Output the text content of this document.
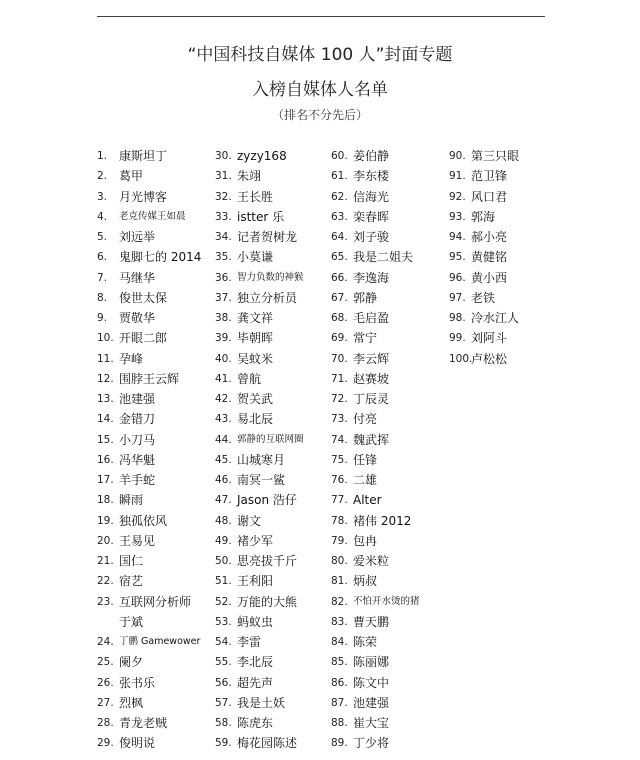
“中国科技自媒体 100 人”封面专题
入榜自媒体人名单
（排名不分先后）
1. 康斯坦丁
2. 葛甲
3. 月光博客
4.	老克传媒王如晨
5. 刘远举
6. 鬼脚七的 2014
7. 马继华
8. 俊世太保
9. 贾敬华
10. 开眼二郎
11. 孕峰
12. 围脖王云辉
13. 池建强
14. 金错刀
15. 小刀马
16. 冯华魁
17. 羊手蛇
18. 瞬雨
19. 独孤依风
20. 王易见
21. 国仁
22. 宿艺
23. 互联网分析师
于斌
24. 丁鹏 Gamewower
25. 阑夕
26. 张书乐
27. 烈枫
28. 青龙老贼
29. 俊明说
30. zyzy168
31. 朱翊
32. 王长胜
33. istter 乐
34. 记者贺树龙
35. 小莫谦
36. 智力负数的神猴
37. 独立分析员
38. 龚文祥
39. 毕朝晖
40. 吴蚊米
41. 曾航
42. 贺关武
43. 易北辰
44. 郭静的互联网圈
45. 山城寒月
46. 南冥一鲨
47. Jason 浩仔
48. 谢文
49. 褚少军
50. 思亮拔千斤
51. 王利阳
52. 万能的大熊
53. 蚂蚁虫
54. 李雷
55. 李北辰
56. 超先声
57. 我是土妖
58. 陈虎东
59. 梅花园陈述
60. 姜伯静
61. 李东楼
62. 信海光
63. 栾春晖
64. 刘子骏
65. 我是二姐夫
66. 李逸海
67. 郭静
68. 毛启盈
69. 常宁
70. 李云辉
71. 赵赛坡
72. 丁辰灵
73. 付亮
74. 魏武挥
75. 任锋
76. 二雄
77. Alter
78. 褚伟 2012
79. 包冉
80. 爱米粒
81. 炳叔
82. 不怕开水烫的猪
83. 曹天鹏
84. 陈荣
85. 陈丽娜
86. 陈文中
87. 池建强
88. 崔大宝
89. 丁少将
90. 第三只眼
91. 范卫锋
92. 风口君
93. 郭海
94. 郝小亮
95. 黄健铭
96. 黄小西
97. 老铁
98. 冷水江人
99. 刘阿斗
100.
卢松松
